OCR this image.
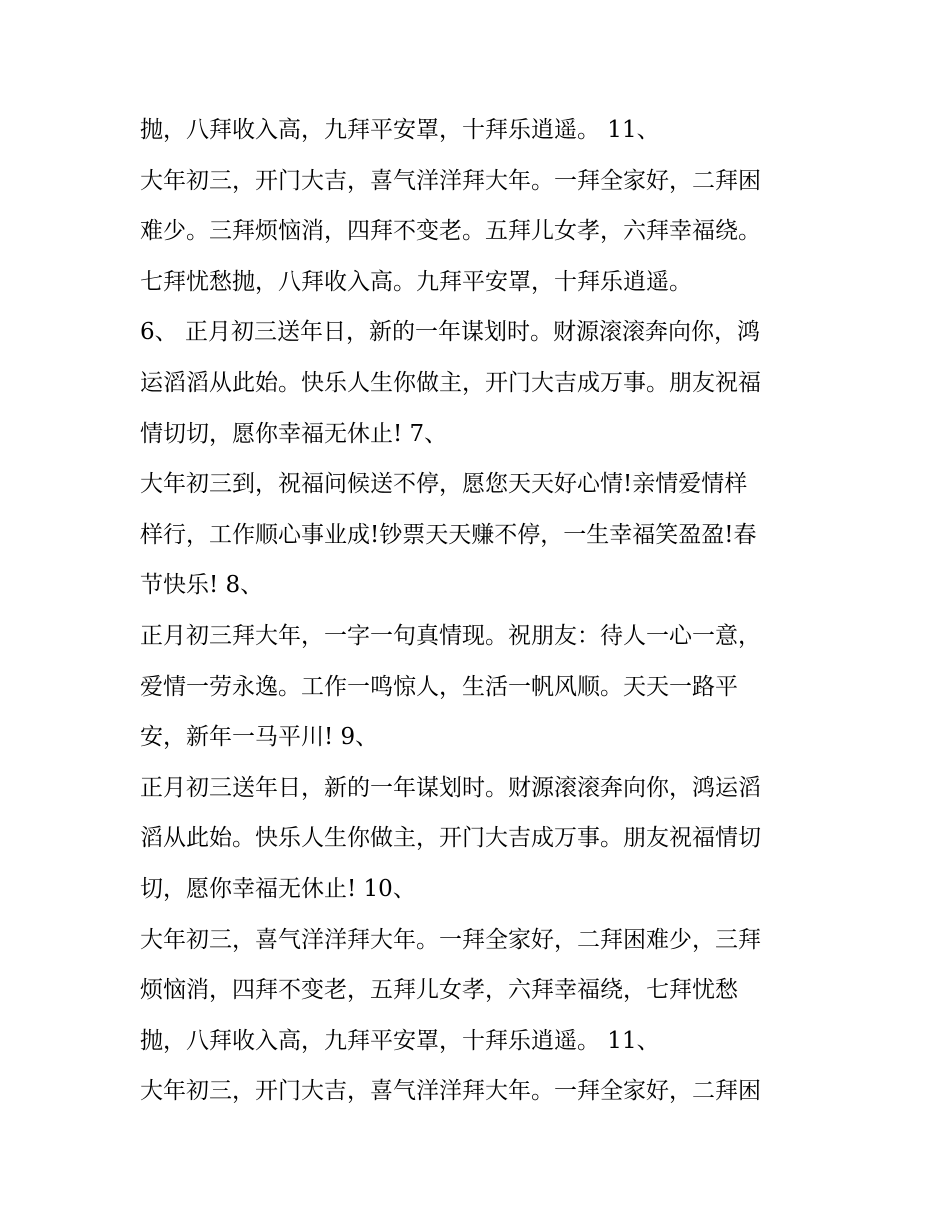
抛，八拜收入高，九拜平安罩，十拜乐逍遥。 11、
大年初三，开门大吉，喜气洋洋拜大年。一拜全家好，二拜困
难少。三拜烦恼消，四拜不变老。五拜儿女孝，六拜幸福绕。
七拜忧愁抛，八拜收入高。九拜平安罩，十拜乐逍遥。
6、 正月初三送年日，新的一年谋划时。财源滚滚奔向你，鸿
运滔滔从此始。快乐人生你做主，开门大吉成万事。朋友祝福
情切切，愿你幸福无休止! 7、
大年初三到，祝福问候送不停，愿您天天好心情!亲情爱情样
样行，工作顺心事业成!钞票天天赚不停，一生幸福笑盈盈!春
节快乐! 8、
正月初三拜大年，一字一句真情现。祝朋友：待人一心一意，
爱情一劳永逸。工作一鸣惊人，生活一帆风顺。天天一路平
安，新年一马平川! 9、
正月初三送年日，新的一年谋划时。财源滚滚奔向你，鸿运滔
滔从此始。快乐人生你做主，开门大吉成万事。朋友祝福情切
切，愿你幸福无休止! 10、
大年初三，喜气洋洋拜大年。一拜全家好，二拜困难少，三拜
烦恼消，四拜不变老，五拜儿女孝，六拜幸福绕，七拜忧愁
抛，八拜收入高，九拜平安罩，十拜乐逍遥。 11、
大年初三，开门大吉，喜气洋洋拜大年。一拜全家好，二拜困
